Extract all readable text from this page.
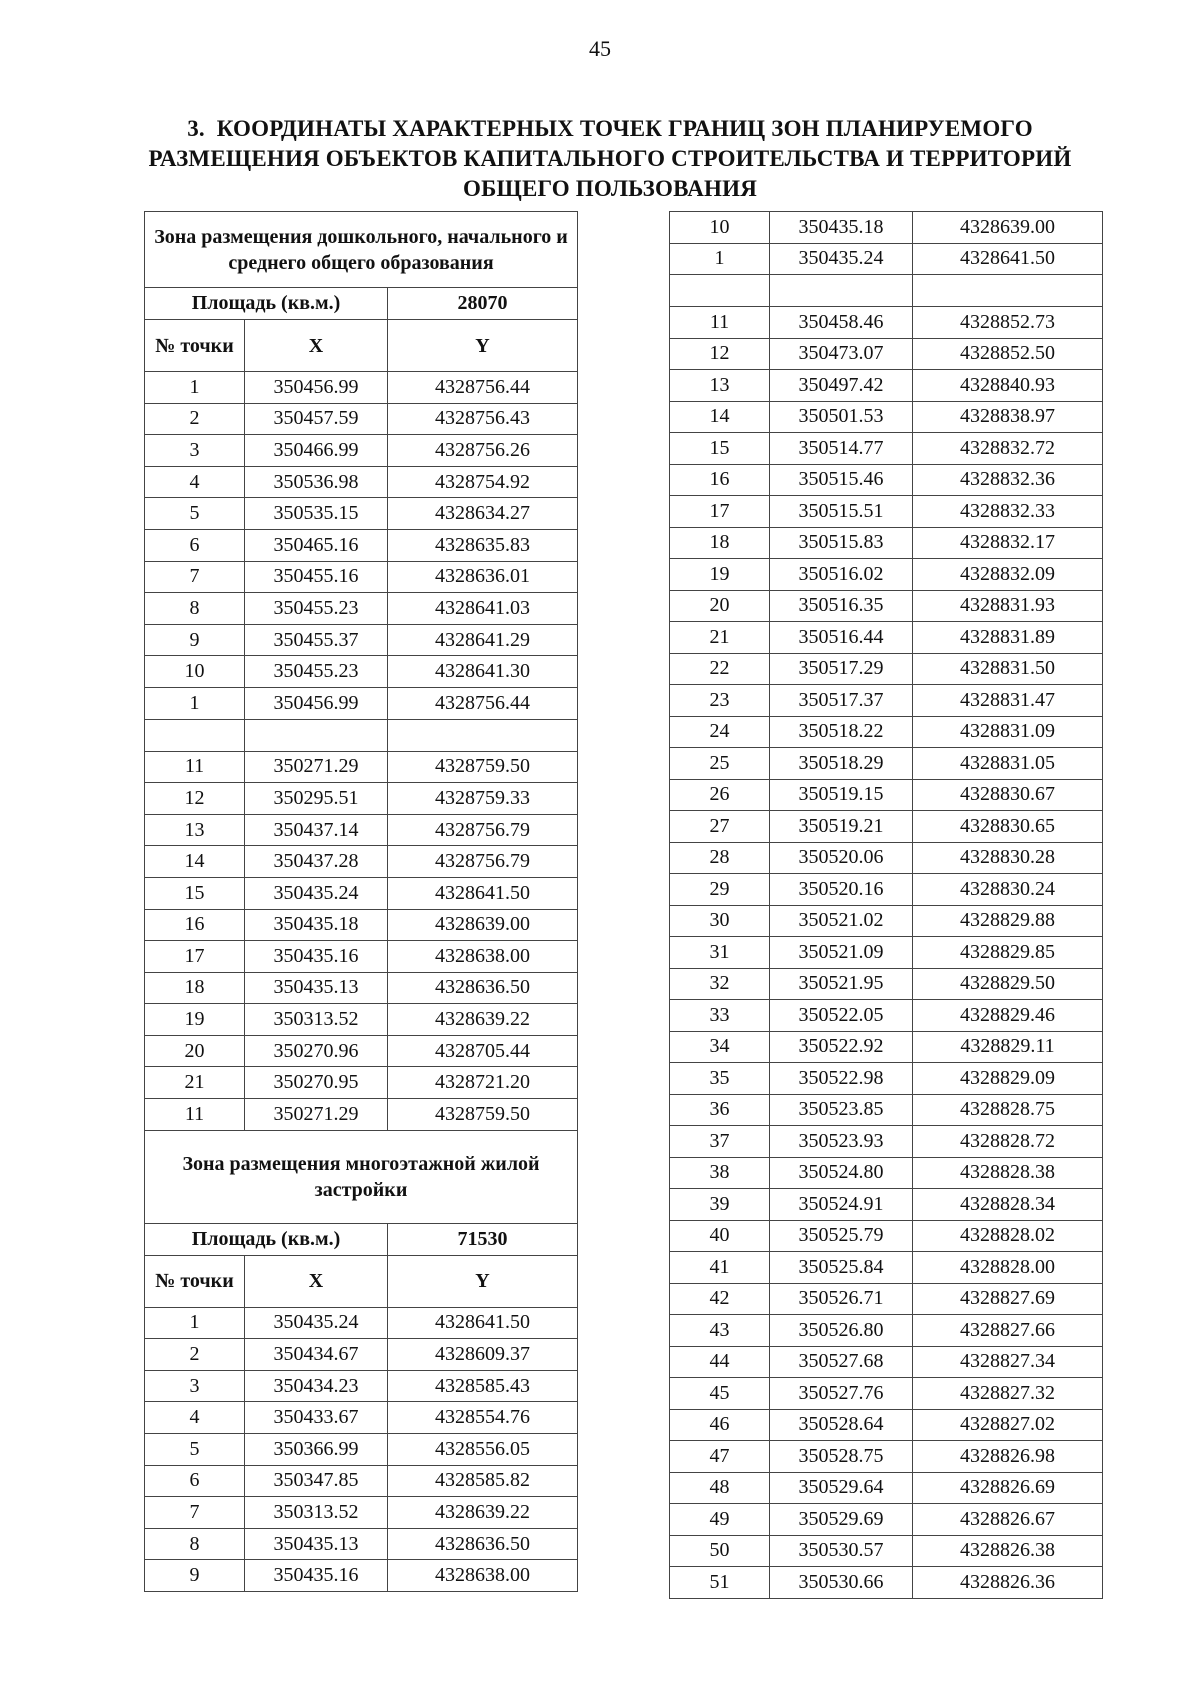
45
3.  КООРДИНАТЫ ХАРАКТЕРНЫХ ТОЧЕК ГРАНИЦ ЗОН ПЛАНИРУЕМОГО РАЗМЕЩЕНИЯ ОБЪЕКТОВ КАПИТАЛЬНОГО СТРОИТЕЛЬСТВА И ТЕРРИТОРИЙ ОБЩЕГО ПОЛЬЗОВАНИЯ
Зона размещения дошкольного, начального и среднего общего образования		
Площадь (кв.м.)		28070
№ точки	X	Y
1	350456.99	4328756.44
2	350457.59	4328756.43
3	350466.99	4328756.26
4	350536.98	4328754.92
5	350535.15	4328634.27
6	350465.16	4328635.83
7	350455.16	4328636.01
8	350455.23	4328641.03
9	350455.37	4328641.29
10	350455.23	4328641.30
1	350456.99	4328756.44

11	350271.29	4328759.50
12	350295.51	4328759.33
13	350437.14	4328756.79
14	350437.28	4328756.79
15	350435.24	4328641.50
16	350435.18	4328639.00
17	350435.16	4328638.00
18	350435.13	4328636.50
19	350313.52	4328639.22
20	350270.96	4328705.44
21	350270.95	4328721.20
11	350271.29	4328759.50
Зона размещения многоэтажной жилой застройки		
Площадь (кв.м.)		71530
№ точки	X	Y
1	350435.24	4328641.50
2	350434.67	4328609.37
3	350434.23	4328585.43
4	350433.67	4328554.76
5	350366.99	4328556.05
6	350347.85	4328585.82
7	350313.52	4328639.22
8	350435.13	4328636.50
9	350435.16	4328638.00
10	350435.18	4328639.00
1	350435.24	4328641.50

11	350458.46	4328852.73
12	350473.07	4328852.50
13	350497.42	4328840.93
14	350501.53	4328838.97
15	350514.77	4328832.72
16	350515.46	4328832.36
17	350515.51	4328832.33
18	350515.83	4328832.17
19	350516.02	4328832.09
20	350516.35	4328831.93
21	350516.44	4328831.89
22	350517.29	4328831.50
23	350517.37	4328831.47
24	350518.22	4328831.09
25	350518.29	4328831.05
26	350519.15	4328830.67
27	350519.21	4328830.65
28	350520.06	4328830.28
29	350520.16	4328830.24
30	350521.02	4328829.88
31	350521.09	4328829.85
32	350521.95	4328829.50
33	350522.05	4328829.46
34	350522.92	4328829.11
35	350522.98	4328829.09
36	350523.85	4328828.75
37	350523.93	4328828.72
38	350524.80	4328828.38
39	350524.91	4328828.34
40	350525.79	4328828.02
41	350525.84	4328828.00
42	350526.71	4328827.69
43	350526.80	4328827.66
44	350527.68	4328827.34
45	350527.76	4328827.32
46	350528.64	4328827.02
47	350528.75	4328826.98
48	350529.64	4328826.69
49	350529.69	4328826.67
50	350530.57	4328826.38
51	350530.66	4328826.36
